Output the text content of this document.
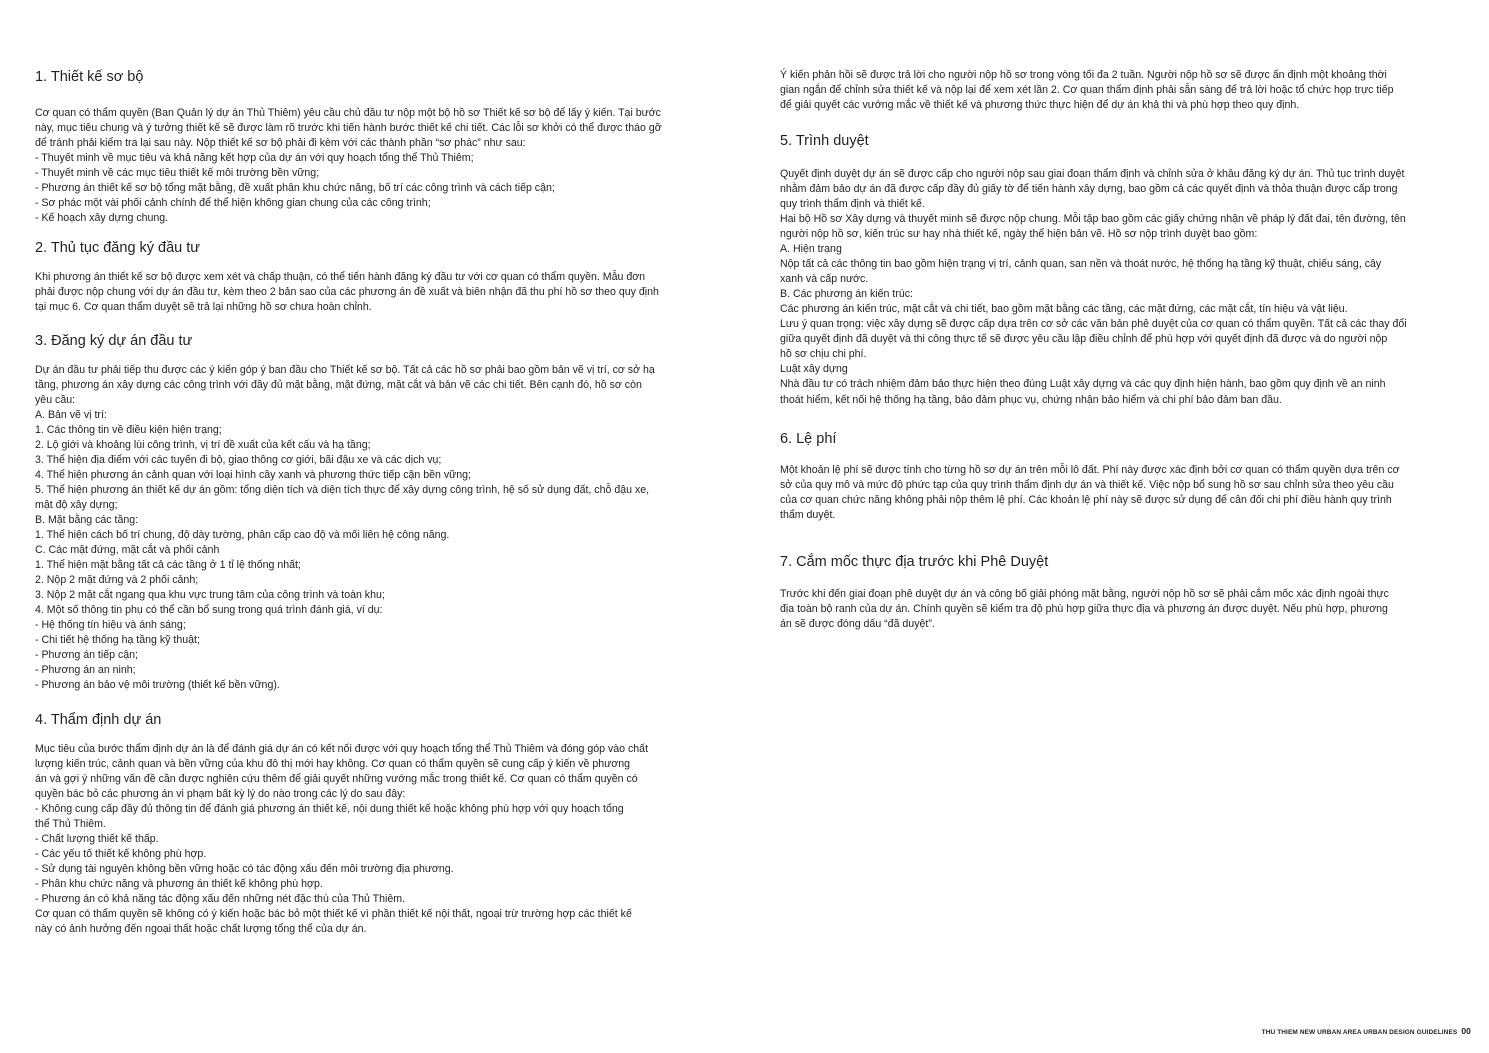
1. Thiết kế sơ bộ

Cơ quan có thẩm quyền (Ban Quản lý dự án Thủ Thiêm) yêu cầu chủ đầu tư nộp một bộ hồ sơ Thiết kế sơ bộ để lấy ý kiến. Tại bước

này, mục tiêu chung và ý tưởng thiết kế sẽ được làm rõ trước khi tiến hành bước thiết kế chi tiết. Các lỗi sơ khởi có thể được tháo gỡ

để tránh phải kiểm tra lại sau này. Nộp thiết kế sơ bộ phải đi kèm với các thành phần “sơ phác” như sau:

- Thuyết minh về mục tiêu và khả năng kết hợp của dự án với quy hoạch tổng thể Thủ Thiêm;

- Thuyết minh về các mục tiêu thiết kế môi trường bền vững;

- Phương án thiết kế sơ bộ tổng mặt bằng, đề xuất phân khu chức năng, bố trí các công trình và cách tiếp cận;

- Sơ phác một vài phối cảnh chính để thể hiện không gian chung của các công trình;

- Kế hoạch xây dựng chung.

2. Thủ tục đăng ký đầu tư

Khi phương án thiết kế sơ bộ được xem xét và chấp thuận, có thể tiến hành đăng ký đầu tư với cơ quan có thẩm quyền. Mẫu đơn

phải được nộp chung với dự án đầu tư, kèm theo 2 bản sao của các phương án đề xuất và biên nhận đã thu phí hồ sơ theo quy định

tại mục 6. Cơ quan thẩm duyệt sẽ trả lại những hồ sơ chưa hoàn chỉnh.

3. Đăng ký dự án đầu tư

Dự án đầu tư phải tiếp thu được các ý kiến góp ý ban đầu cho Thiết kế sơ bộ. Tất cả các hồ sơ phải bao gồm bản vẽ vị trí, cơ sở hạ

tầng, phương án xây dựng các công trình với đầy đủ mặt bằng, mặt đứng, mặt cắt và bản vẽ các chi tiết. Bên cạnh đó, hồ sơ còn

yêu cầu:

A. Bản vẽ vị trí:

1. Các thông tin về điều kiện hiện trạng;

2. Lộ giới và khoảng lùi công trình, vị trí đề xuất của kết cấu và hạ tầng;

3. Thể hiện địa điểm với các tuyến đi bộ, giao thông cơ giới, bãi đậu xe và các dịch vụ;

4. Thể hiện phương án cảnh quan với loại hình cây xanh và phương thức tiếp cận bền vững;

5. Thể hiện phương án thiết kế dự án gồm: tổng diện tích và diện tích thực để xây dựng công trình, hệ số sử dụng đất, chỗ đậu xe,

mật độ xây dựng;

B. Mặt bằng các tầng:

1. Thể hiện cách bố trí chung, độ dày tường, phân cấp cao độ và mối liên hệ công năng.

C. Các mặt đứng, mặt cắt và phối cảnh

1. Thể hiện mặt bằng tất cả các tầng ở 1 tỉ lệ thống nhất;

2. Nộp 2 mặt đứng và 2 phối cảnh;

3. Nộp 2 mặt cắt ngang qua khu vực trung tâm của công trình và toàn khu;

4. Một số thông tin phụ có thể cần bổ sung trong quá trình đánh giá, ví dụ:

- Hệ thống tín hiệu và ánh sáng;

- Chi tiết hệ thống hạ tầng kỹ thuật;

- Phương án tiếp cận;

- Phương án an ninh;

- Phương án bảo vệ môi trường (thiết kế bền vững).

4. Thẩm định dự án

Mục tiêu của bước thẩm định dự án là để đánh giá dự án có kết nối được với quy hoạch tổng thể Thủ Thiêm và đóng góp vào chất

lượng kiến trúc, cảnh quan và bền vững của khu đô thị mới hay không. Cơ quan có thẩm quyền sẽ cung cấp ý kiến về phương

án và gợi ý những vấn đề cần được nghiên cứu thêm để giải quyết những vướng mắc trong thiết kế. Cơ quan có thẩm quyền có

quyền bác bỏ các phương án vi phạm bất kỳ lý do nào trong các lý do sau đây:

- Không cung cấp đầy đủ thông tin để đánh giá phương án thiết kế, nội dung thiết kế hoặc không phù hợp với quy hoạch tổng

thể Thủ Thiêm.

- Chất lượng thiết kế thấp.

- Các yếu tố thiết kế không phù hợp.

- Sử dụng tài nguyên không bền vững hoặc có tác động xấu đến môi trường địa phương.

- Phân khu chức năng và phương án thiết kế không phù hợp.

- Phương án có khả năng tác động xấu đến những nét đặc thù của Thủ Thiêm.

Cơ quan có thẩm quyền sẽ không có ý kiến hoặc bác bỏ một thiết kế vì phần thiết kế nội thất, ngoại trừ trường hợp các thiết kế

này có ảnh hưởng đến ngoại thất hoặc chất lượng tổng thể của dự án.

Ý kiến phản hồi sẽ được trả lời cho người nộp hồ sơ trong vòng tối đa 2 tuần. Người nộp hồ sơ sẽ được ấn định một khoảng thời

gian ngắn để chỉnh sửa thiết kế và nộp lại để xem xét lần 2. Cơ quan thẩm định phải sẵn sàng để trả lời hoặc tổ chức họp trực tiếp

để giải quyết các vướng mắc về thiết kế và phương thức thực hiện để dự án khả thi và phù hợp theo quy định.

5. Trình duyệt

Quyết định duyệt dự án sẽ được cấp cho người nộp sau giai đoạn thẩm định và chỉnh sửa ở khâu đăng ký dự án. Thủ tục trình duyệt

nhằm đảm bảo dự án đã được cấp đầy đủ giấy tờ để tiến hành xây dựng, bao gồm cả các quyết định và thỏa thuận được cấp trong

quy trình thẩm định và thiết kế.

Hai bộ Hồ sơ Xây dựng và thuyết minh sẽ được nộp chung. Mỗi tập bao gồm các giấy chứng nhận về pháp lý đất đai, tên đường, tên

người nộp hồ sơ, kiến trúc sư hay nhà thiết kế, ngày thể hiện bản vẽ. Hồ sơ nộp trình duyệt bao gồm:

A. Hiện trạng

Nộp tất cả các thông tin bao gồm hiện trạng vị trí, cảnh quan, san nền và thoát nước, hệ thống hạ tầng kỹ thuật, chiếu sáng, cây

xanh và cấp nước.

B. Các phương án kiến trúc:

Các phương án kiến trúc, mặt cắt và chi tiết, bao gồm mặt bằng các tầng, các mặt đứng, các mặt cắt, tín hiệu và vật liệu.

Lưu ý quan trọng: việc xây dựng sẽ được cấp dựa trên cơ sở các văn bản phê duyệt của cơ quan có thẩm quyền. Tất cả các thay đổi

giữa quyết định đã duyệt và thi công thực tế sẽ được yêu cầu lập điều chỉnh để phù hợp với quyết định đã được và do người nộp

hồ sơ chịu chi phí.

Luật xây dựng

Nhà đầu tư có trách nhiệm đảm bảo thực hiện theo đúng Luật xây dựng và các quy định hiện hành, bao gồm quy định về an ninh

thoát hiểm, kết nối hệ thống hạ tầng, bảo đảm phục vụ, chứng nhận bảo hiểm và chi phí bảo đảm ban đầu.

6. Lệ phí

Một khoản lệ phí sẽ được tính cho từng hồ sơ dự án trên mỗi lô đất. Phí này được xác định bởi cơ quan có thẩm quyền dựa trên cơ

sở của quy mô và mức độ phức tạp của quy trình thẩm định dự án và thiết kế. Việc nộp bổ sung hồ sơ sau chỉnh sửa theo yêu cầu

của cơ quan chức năng không phải nộp thêm lệ phí. Các khoản lệ phí này sẽ được sử dụng để cân đối chi phí điều hành quy trình

thẩm duyệt.

7. Cắm mốc thực địa trước khi Phê Duyệt

Trước khi đến giai đoạn phê duyệt dự án và công bố giải phóng mặt bằng, người nộp hồ sơ sẽ phải cắm mốc xác định ngoài thực

địa toàn bộ ranh của dự án. Chính quyền sẽ kiểm tra độ phù hợp giữa thực địa và phương án được duyệt. Nếu phù hợp, phương

án sẽ được đóng dấu “đã duyệt”.

THU THIEM NEW URBAN AREA URBAN DESIGN GUIDELINES 00
